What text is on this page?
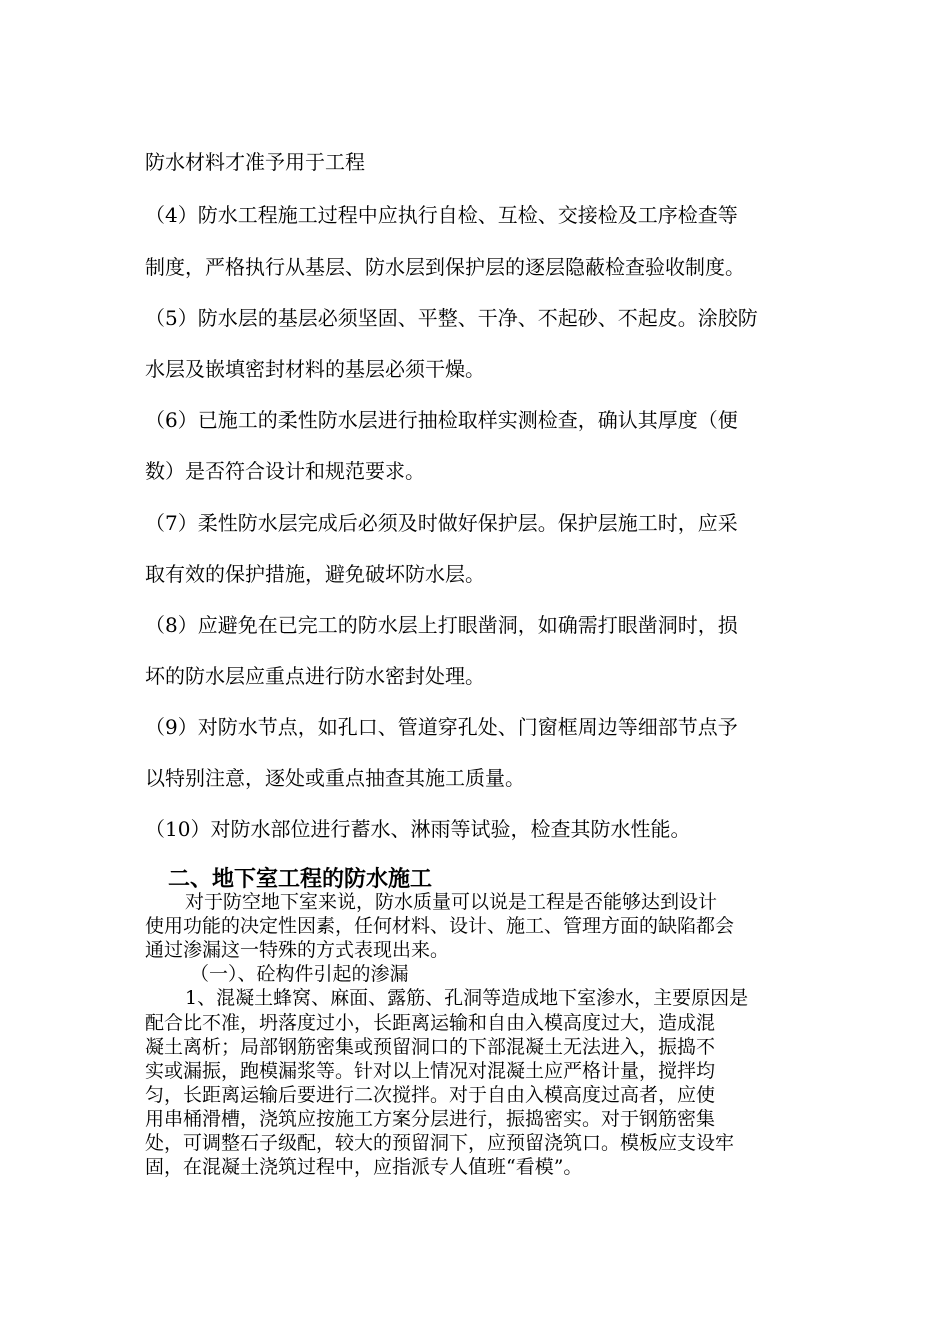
防水材料才准予用于工程
（4）防水工程施工过程中应执行自检、互检、交接检及工序检查等
制度，严格执行从基层、防水层到保护层的逐层隐蔽检查验收制度。
（5）防水层的基层必须坚固、平整、干净、不起砂、不起皮。涂胶防
水层及嵌填密封材料的基层必须干燥。
（6）已施工的柔性防水层进行抽检取样实测检查，确认其厚度（便
数）是否符合设计和规范要求。
（7）柔性防水层完成后必须及时做好保护层。保护层施工时，应采
取有效的保护措施，避免破坏防水层。
（8）应避免在已完工的防水层上打眼凿洞，如确需打眼凿洞时，损
坏的防水层应重点进行防水密封处理。
（9）对防水节点，如孔口、管道穿孔处、门窗框周边等细部节点予
以特别注意，逐处或重点抽查其施工质量。
（10）对防水部位进行蓄水、淋雨等试验，检查其防水性能。
二、地下室工程的防水施工
对于防空地下室来说，防水质量可以说是工程是否能够达到设计
使用功能的决定性因素，任何材料、设计、施工、管理方面的缺陷都会
通过渗漏这一特殊的方式表现出来。
（一）、砼构件引起的渗漏
1、混凝土蜂窝、麻面、露筋、孔洞等造成地下室渗水，主要原因是
配合比不准，坍落度过小，长距离运输和自由入模高度过大，造成混
凝土离析；局部钢筋密集或预留洞口的下部混凝土无法进入，振捣不
实或漏振，跑模漏浆等。针对以上情况对混凝土应严格计量，搅拌均
匀，长距离运输后要进行二次搅拌。对于自由入模高度过高者，应使
用串桶滑槽，浇筑应按施工方案分层进行，振捣密实。对于钢筋密集
处，可调整石子级配，较大的预留洞下，应预留浇筑口。模板应支设牢
固，在混凝土浇筑过程中，应指派专人值班“看模”。
